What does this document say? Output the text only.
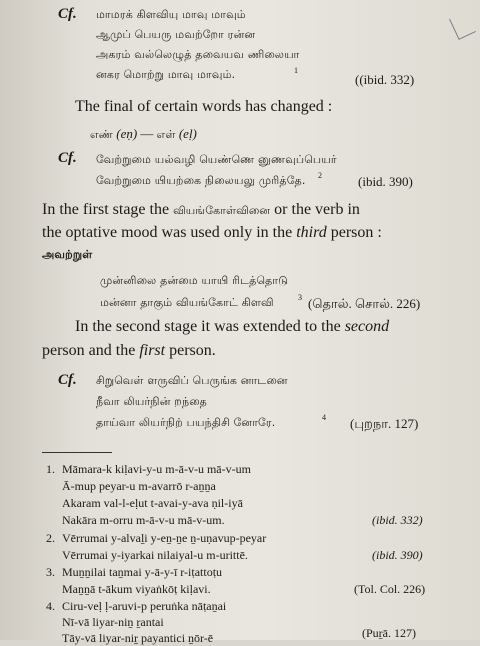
Cf. மாமரக் கிளவியு மாவு மாவும்
ஆமுப் பெயரு மவற்றோ ரன்ன
அகரம் வல்லெழுத் தவையவ ணிலையா
னகர மொற்று மாவு மாவும்.	1
((ibid. 332)
The final of certain words has changed :
எண் (eṇ) — எள் (eḷ)
Cf. வேற்றுமை யல்வழி யெண்ணெ னுணவுப்பெயர்
வேற்றுமை யியற்கை நிலையலு முரித்தே. 2	(ibid. 390)
In the first stage the வியங்கோள்வினை or the verb in
the optative mood was used only in the third person :
அவற்றுள்
முன்னிலை தன்மை யாயி ரிடத்தொடு
மன்னா தாகும் வியங்கோட் கிளவி	3 (தொல். சொல். 226)
In the second stage it was extended to the second
person and the first person.
Cf. சிறுவெள் ளருவிப் பெருங்க னாடனை
நீவா லியர்நின் றந்தை
தாய்வா லியர்நிற் பயந்திசி னோரே.	4 (புறநா. 127)
1. Māmara-k kiḷavi-y-u m-ā-v-u mā-v-um
Ā-mup peyar-u m-avarrō r-aṉṉa
Akaram val-l-eḷut t-avai-y-ava ṇil-iyā
Nakāra m-orru m-ā-v-u mā-v-um.	(ibid. 332)
2. Vērrumai y-alvaḻi y-eṉ-ṉe ṉ-uṇavup-peyar
Vērrumai y-iyarkai nilaiyal-u m-urittē.	(ibid. 390)
3. Muṉṉilai taṉmai y-ā-y-ī r-iṭattoṭu
Maṉṉā t-ākum viyaṅkōṭ kiḷavi.	(Tol. Col. 226)
4. Ciru-veḷ ḷ-aruvi-p peruṅka nāṭaṉai
Nī-vā liyar-niṉ ṟantai
Tāy-vā liyar-niṟ payantici ṉōr-ē	(Puṟā. 127)
